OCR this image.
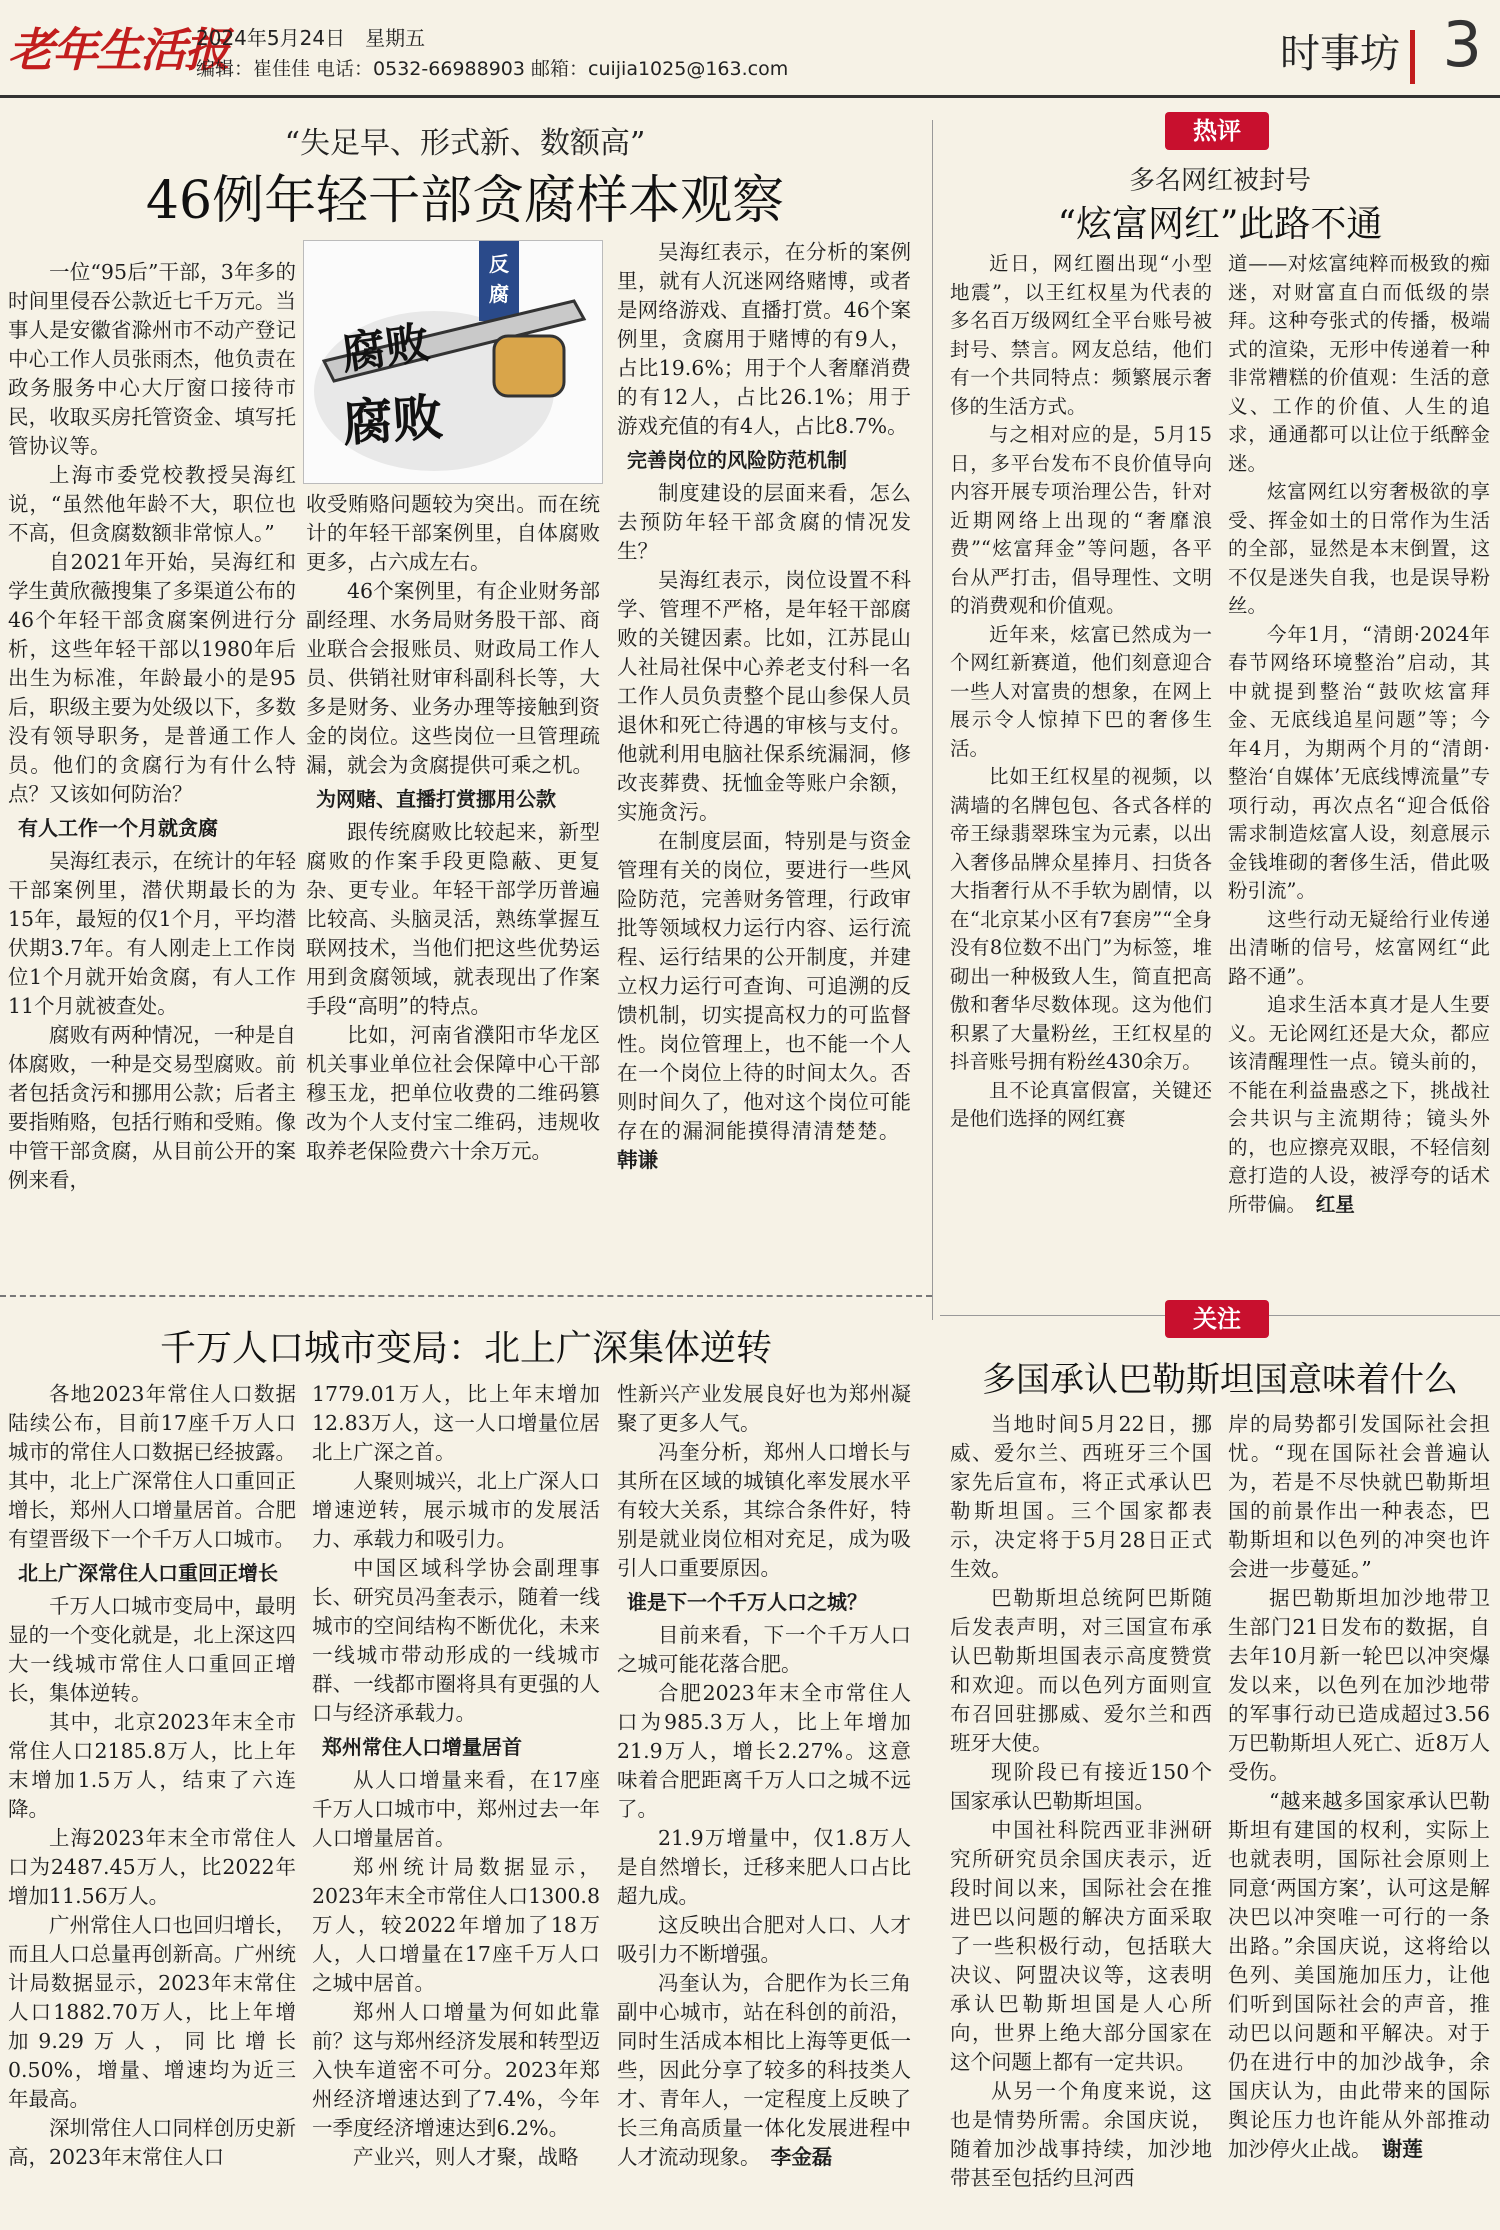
老年生活报
2024年5月24日　星期五
编辑：崔佳佳 电话：0532-66988903 邮箱：cuijia1025@163.com	时事坊 3
“失足早、形式新、数额高”
46例年轻干部贪腐样本观察
反
腐
腐败
腐败

一位“95后”干部，3年多的时间里侵吞公款近七千万元。当事人是安徽省滁州市不动产登记中心工作人员张雨杰，他负责在政务服务中心大厅窗口接待市民，收取买房托管资金、填写托管协议等。

上海市委党校教授吴海红说，“虽然他年龄不大，职位也不高，但贪腐数额非常惊人。”

自2021年开始，吴海红和学生黄欣薇搜集了多渠道公布的46个年轻干部贪腐案例进行分析，这些年轻干部以1980年后出生为标准，年龄最小的是95后，职级主要为处级以下，多数没有领导职务，是普通工作人员。他们的贪腐行为有什么特点？又该如何防治？

有人工作一个月就贪腐

吴海红表示，在统计的年轻干部案例里，潜伏期最长的为15年，最短的仅1个月，平均潜伏期3.7年。有人刚走上工作岗位1个月就开始贪腐，有人工作11个月就被查处。

腐败有两种情况，一种是自体腐败，一种是交易型腐败。前者包括贪污和挪用公款；后者主要指贿赂，包括行贿和受贿。像中管干部贪腐，从目前公开的案例来看，

收受贿赂问题较为突出。而在统计的年轻干部案例里，自体腐败更多，占六成左右。

46个案例里，有企业财务部副经理、水务局财务股干部、商业联合会报账员、财政局工作人员、供销社财审科副科长等，大多是财务、业务办理等接触到资金的岗位。这些岗位一旦管理疏漏，就会为贪腐提供可乘之机。

为网赌、直播打赏挪用公款

跟传统腐败比较起来，新型腐败的作案手段更隐蔽、更复杂、更专业。年轻干部学历普遍比较高、头脑灵活，熟练掌握互联网技术，当他们把这些优势运用到贪腐领域，就表现出了作案手段“高明”的特点。

比如，河南省濮阳市华龙区机关事业单位社会保障中心干部穆玉龙，把单位收费的二维码篡改为个人支付宝二维码，违规收取养老保险费六十余万元。

吴海红表示，在分析的案例里，就有人沉迷网络赌博，或者是网络游戏、直播打赏。46个案例里，贪腐用于赌博的有9人，占比19.6%；用于个人奢靡消费的有12人，占比26.1%；用于游戏充值的有4人，占比8.7%。

完善岗位的风险防范机制

制度建设的层面来看，怎么去预防年轻干部贪腐的情况发生？

吴海红表示，岗位设置不科学、管理不严格，是年轻干部腐败的关键因素。比如，江苏昆山人社局社保中心养老支付科一名工作人员负责整个昆山参保人员退休和死亡待遇的审核与支付。他就利用电脑社保系统漏洞，修改丧葬费、抚恤金等账户余额，实施贪污。

在制度层面，特别是与资金管理有关的岗位，要进行一些风险防范，完善财务管理，行政审批等领域权力运行内容、运行流程、运行结果的公开制度，并建立权力运行可查询、可追溯的反馈机制，切实提高权力的可监督性。岗位管理上，也不能一个人在一个岗位上待的时间太久。否则时间久了，他对这个岗位可能存在的漏洞能摸得清清楚楚。　韩谦

热评
多名网红被封号
“炫富网红”此路不通

近日，网红圈出现“小型地震”，以王红权星为代表的多名百万级网红全平台账号被封号、禁言。网友总结，他们有一个共同特点：频繁展示奢侈的生活方式。

与之相对应的是，5月15日，多平台发布不良价值导向内容开展专项治理公告，针对近期网络上出现的“奢靡浪费”“炫富拜金”等问题，各平台从严打击，倡导理性、文明的消费观和价值观。

近年来，炫富已然成为一个网红新赛道，他们刻意迎合一些人对富贵的想象，在网上展示令人惊掉下巴的奢侈生活。

比如王红权星的视频，以满墙的名牌包包、各式各样的帝王绿翡翠珠宝为元素，以出入奢侈品牌众星捧月、扫货各大指奢行从不手软为剧情，以在“北京某小区有7套房”“全身没有8位数不出门”为标签，堆砌出一种极致人生，简直把高傲和奢华尽数体现。这为他们积累了大量粉丝，王红权星的抖音账号拥有粉丝430余万。

且不论真富假富，关键还是他们选择的网红赛

道——对炫富纯粹而极致的痴迷，对财富直白而低级的崇拜。这种夸张式的传播，极端式的渲染，无形中传递着一种非常糟糕的价值观：生活的意义、工作的价值、人生的追求，通通都可以让位于纸醉金迷。

炫富网红以穷奢极欲的享受、挥金如土的日常作为生活的全部，显然是本末倒置，这不仅是迷失自我，也是误导粉丝。

今年1月，“清朗·2024年春节网络环境整治”启动，其中就提到整治“鼓吹炫富拜金、无底线追星问题”等；今年4月，为期两个月的“清朗·整治‘自媒体’无底线博流量”专项行动，再次点名“迎合低俗需求制造炫富人设，刻意展示金钱堆砌的奢侈生活，借此吸粉引流”。

这些行动无疑给行业传递出清晰的信号，炫富网红“此路不通”。

追求生活本真才是人生要义。无论网红还是大众，都应该清醒理性一点。镜头前的，不能在利益蛊惑之下，挑战社会共识与主流期待；镜头外的，也应擦亮双眼，不轻信刻意打造的人设，被浮夸的话术所带偏。　红星

千万人口城市变局：北上广深集体逆转

各地2023年常住人口数据陆续公布，目前17座千万人口城市的常住人口数据已经披露。其中，北上广深常住人口重回正增长，郑州人口增量居首。合肥有望晋级下一个千万人口城市。

北上广深常住人口重回正增长

千万人口城市变局中，最明显的一个变化就是，北上深这四大一线城市常住人口重回正增长，集体逆转。

其中，北京2023年末全市常住人口2185.8万人，比上年末增加1.5万人，结束了六连降。

上海2023年末全市常住人口为2487.45万人，比2022年增加11.56万人。

广州常住人口也回归增长，而且人口总量再创新高。广州统计局数据显示，2023年末常住人口1882.70万人，比上年增加9.29万人，同比增长0.50%，增量、增速均为近三年最高。

深圳常住人口同样创历史新高，2023年末常住人口

1779.01万人，比上年末增加12.83万人，这一人口增量位居北上广深之首。

人聚则城兴，北上广深人口增速逆转，展示城市的发展活力、承载力和吸引力。

中国区域科学协会副理事长、研究员冯奎表示，随着一线城市的空间结构不断优化，未来一线城市带动形成的一线城市群、一线都市圈将具有更强的人口与经济承载力。

郑州常住人口增量居首

从人口增量来看，在17座千万人口城市中，郑州过去一年人口增量居首。

郑州统计局数据显示，2023年末全市常住人口1300.8万人，较2022年增加了18万人，人口增量在17座千万人口之城中居首。

郑州人口增量为何如此靠前？这与郑州经济发展和转型迈入快车道密不可分。2023年郑州经济增速达到了7.4%，今年一季度经济增速达到6.2%。

产业兴，则人才聚，战略

性新兴产业发展良好也为郑州凝聚了更多人气。

冯奎分析，郑州人口增长与其所在区域的城镇化率发展水平有较大关系，其综合条件好，特别是就业岗位相对充足，成为吸引人口重要原因。

谁是下一个千万人口之城？

目前来看，下一个千万人口之城可能花落合肥。

合肥2023年末全市常住人口为985.3万人，比上年增加21.9万人，增长2.27%。这意味着合肥距离千万人口之城不远了。

21.9万增量中，仅1.8万人是自然增长，迁移来肥人口占比超九成。

这反映出合肥对人口、人才吸引力不断增强。

冯奎认为，合肥作为长三角副中心城市，站在科创的前沿，同时生活成本相比上海等更低一些，因此分享了较多的科技类人才、青年人，一定程度上反映了长三角高质量一体化发展进程中人才流动现象。　李金磊

关注
多国承认巴勒斯坦国意味着什么

当地时间5月22日，挪威、爱尔兰、西班牙三个国家先后宣布，将正式承认巴勒斯坦国。三个国家都表示，决定将于5月28日正式生效。

巴勒斯坦总统阿巴斯随后发表声明，对三国宣布承认巴勒斯坦国表示高度赞赏和欢迎。而以色列方面则宣布召回驻挪威、爱尔兰和西班牙大使。

现阶段已有接近150个国家承认巴勒斯坦国。

中国社科院西亚非洲研究所研究员余国庆表示，近段时间以来，国际社会在推进巴以问题的解决方面采取了一些积极行动，包括联大决议、阿盟决议等，这表明承认巴勒斯坦国是人心所向，世界上绝大部分国家在这个问题上都有一定共识。

从另一个角度来说，这也是情势所需。余国庆说，随着加沙战事持续，加沙地带甚至包括约旦河西

岸的局势都引发国际社会担忧。“现在国际社会普遍认为，若是不尽快就巴勒斯坦国的前景作出一种表态，巴勒斯坦和以色列的冲突也许会进一步蔓延。”

据巴勒斯坦加沙地带卫生部门21日发布的数据，自去年10月新一轮巴以冲突爆发以来，以色列在加沙地带的军事行动已造成超过3.56万巴勒斯坦人死亡、近8万人受伤。

“越来越多国家承认巴勒斯坦有建国的权利，实际上也就表明，国际社会原则上同意‘两国方案’，认可这是解决巴以冲突唯一可行的一条出路。”余国庆说，这将给以色列、美国施加压力，让他们听到国际社会的声音，推动巴以问题和平解决。对于仍在进行中的加沙战争，余国庆认为，由此带来的国际舆论压力也许能从外部推动加沙停火止战。　谢莲
